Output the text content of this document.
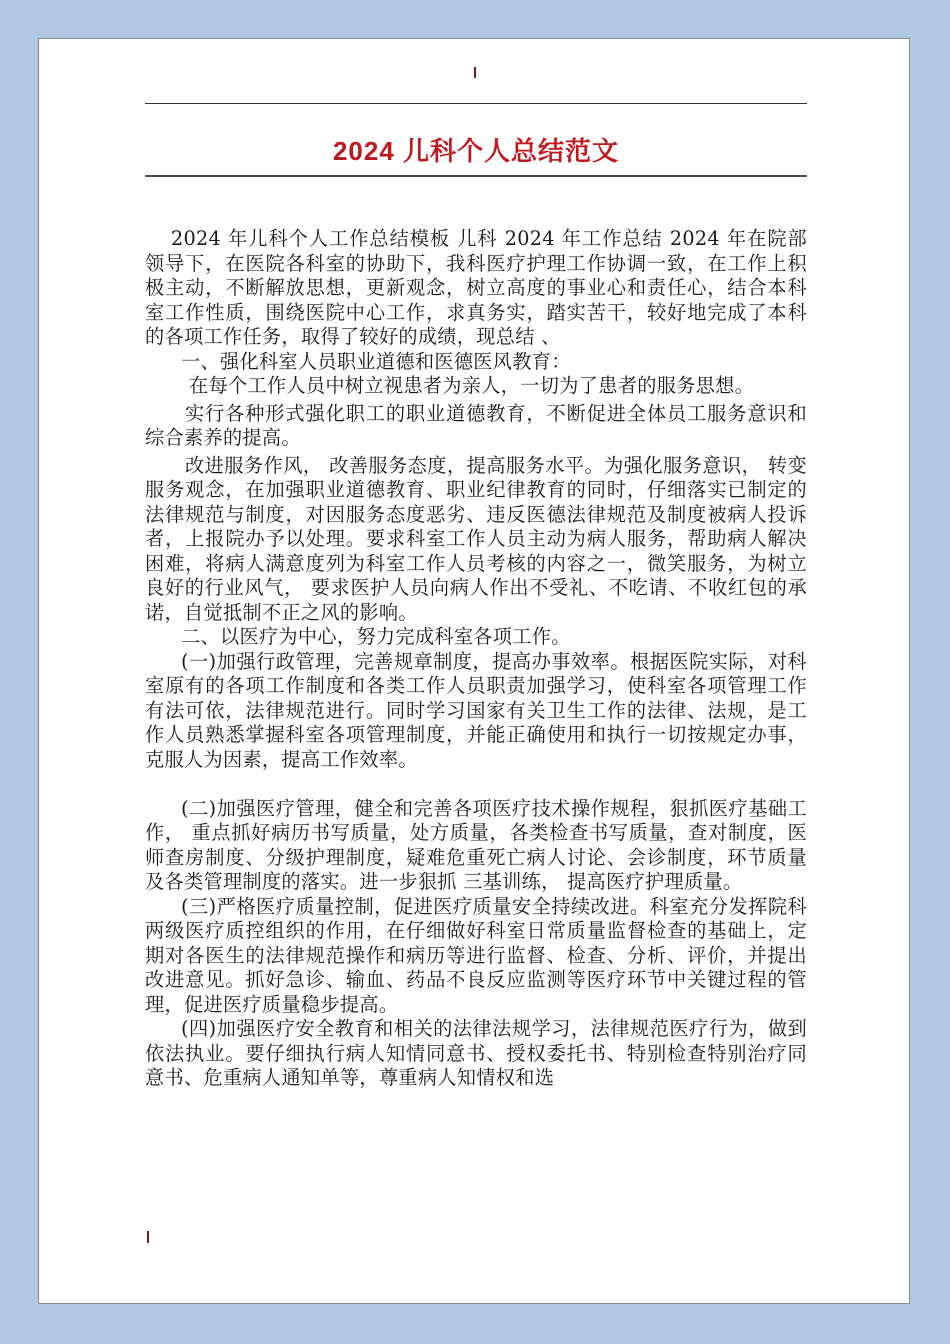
2024 儿科个人总结范文

2024 年儿科个人工作总结模板 儿科 2024 年工作总结 2024 年在院部领导下，在医院各科室的协助下，我科医疗护理工作协调一致，在工作上积极主动，不断解放思想，更新观念，树立高度的事业心和责任心，结合本科室工作性质，围绕医院中心工作，求真务实，踏实苦干，较好地完成了本科的各项工作任务，取得了较好的成绩，现总结 、

一、强化科室人员职业道德和医德医风教育：

在每个工作人员中树立视患者为亲人，一切为了患者的服务思想。

实行各种形式强化职工的职业道德教育，不断促进全体员工服务意识和综合素养的提高。

改进服务作风， 改善服务态度，提高服务水平。为强化服务意识， 转变服务观念，在加强职业道德教育、职业纪律教育的同时，仔细落实已制定的法律规范与制度，对因服务态度恶劣、违反医德法律规范及制度被病人投诉者，上报院办予以处理。要求科室工作人员主动为病人服务，帮助病人解决困难，将病人满意度列为科室工作人员考核的内容之一，微笑服务，为树立良好的行业风气， 要求医护人员向病人作出不受礼、不吃请、不收红包的承诺，自觉抵制不正之风的影响。

二、以医疗为中心，努力完成科室各项工作。

(一)加强行政管理，完善规章制度，提高办事效率。根据医院实际，对科室原有的各项工作制度和各类工作人员职责加强学习，使科室各项管理工作有法可依，法律规范进行。同时学习国家有关卫生工作的法律、法规，是工作人员熟悉掌握科室各项管理制度，并能正确使用和执行一切按规定办事，克服人为因素，提高工作效率。

(二)加强医疗管理，健全和完善各项医疗技术操作规程，狠抓医疗基础工作， 重点抓好病历书写质量，处方质量，各类检查书写质量，查对制度，医师查房制度、分级护理制度，疑难危重死亡病人讨论、会诊制度，环节质量及各类管理制度的落实。进一步狠抓 三基训练， 提高医疗护理质量。

(三)严格医疗质量控制，促进医疗质量安全持续改进。科室充分发挥院科两级医疗质控组织的作用，在仔细做好科室日常质量监督检查的基础上，定期对各医生的法律规范操作和病历等进行监督、检查、分析、评价，并提出改进意见。抓好急诊、输血、药品不良反应监测等医疗环节中关键过程的管理，促进医疗质量稳步提高。

(四)加强医疗安全教育和相关的法律法规学习，法律规范医疗行为，做到依法执业。要仔细执行病人知情同意书、授权委托书、特别检查特别治疗同意书、危重病人通知单等，尊重病人知情权和选
